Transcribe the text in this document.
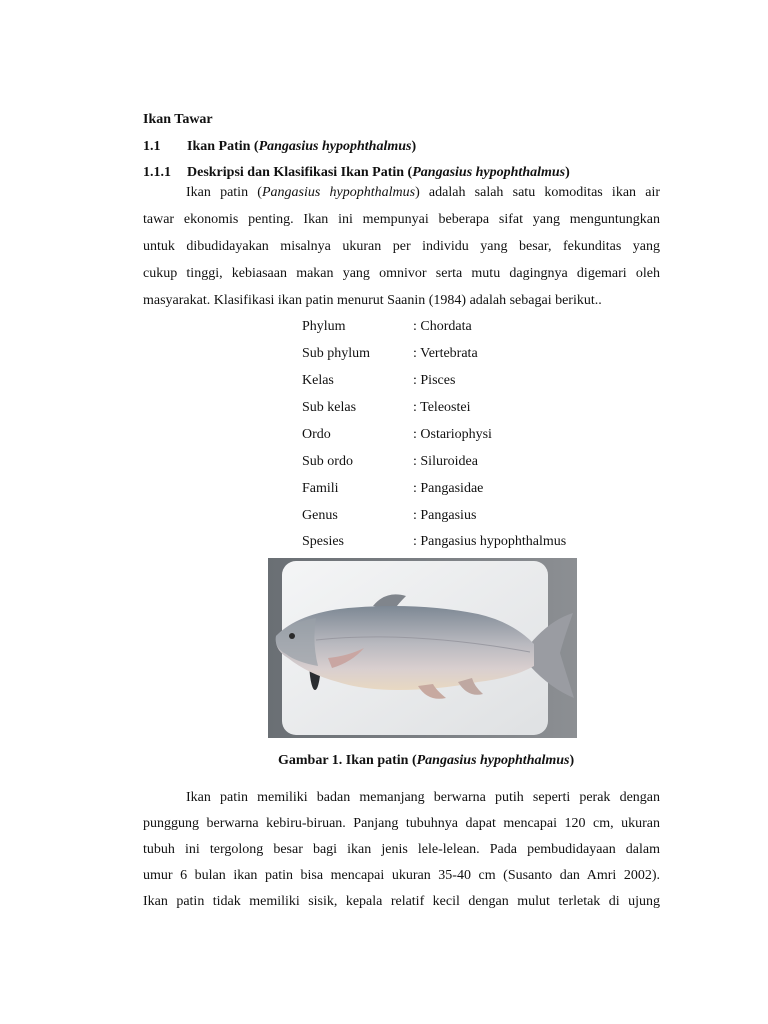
Ikan Tawar
1.1 Ikan Patin (Pangasius hypophthalmus)
1.1.1 Deskripsi dan Klasifikasi Ikan Patin (Pangasius hypophthalmus)
Ikan patin (Pangasius hypophthalmus) adalah salah satu komoditas ikan air
tawar ekonomis penting. Ikan ini mempunyai beberapa sifat yang menguntungkan
untuk dibudidayakan misalnya ukuran per individu yang besar, fekunditas yang
cukup tinggi, kebiasaan makan yang omnivor serta mutu dagingnya digemari oleh
masyarakat. Klasifikasi ikan patin menurut Saanin (1984) adalah sebagai berikut..
Phylum	: Chordata
Sub phylum	: Vertebrata
Kelas	: Pisces
Sub kelas	: Teleostei
Ordo	: Ostariophysi
Sub ordo	: Siluroidea
Famili	: Pangasidae
Genus	: Pangasius
Spesies	: Pangasius hypophthalmus
Gambar 1. Ikan patin (Pangasius hypophthalmus)
Ikan patin memiliki badan memanjang berwarna putih seperti perak dengan
punggung berwarna kebiru-biruan. Panjang tubuhnya dapat mencapai 120 cm, ukuran
tubuh ini tergolong besar bagi ikan jenis lele-lelean. Pada pembudidayaan dalam
umur 6 bulan ikan patin bisa mencapai ukuran 35-40 cm (Susanto dan Amri 2002).
Ikan patin tidak memiliki sisik, kepala relatif kecil dengan mulut terletak di ujung
